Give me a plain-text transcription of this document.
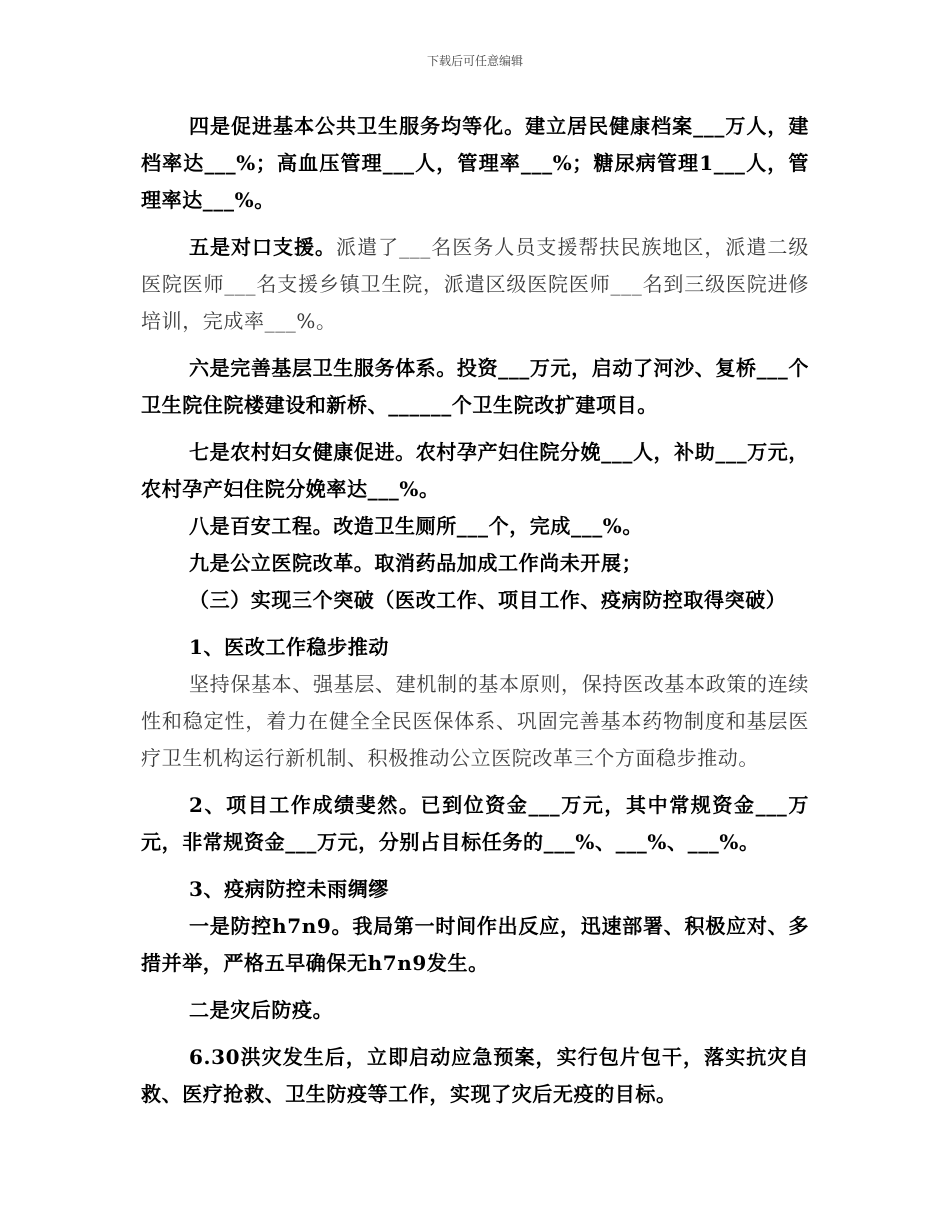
下载后可任意编辑

四是促进基本公共卫生服务均等化。建立居民健康档案___万人，建档率达___%；高血压管理___人，管理率___%；糖尿病管理1___人，管理率达___%。

五是对口支援。派遣了___名医务人员支援帮扶民族地区，派遣二级医院医师___名支援乡镇卫生院，派遣区级医院医师___名到三级医院进修培训，完成率___%。

六是完善基层卫生服务体系。投资___万元，启动了河沙、复桥___个卫生院住院楼建设和新桥、______个卫生院改扩建项目。

七是农村妇女健康促进。农村孕产妇住院分娩___人，补助___万元，农村孕产妇住院分娩率达___%。

八是百安工程。改造卫生厕所___个，完成___%。

九是公立医院改革。取消药品加成工作尚未开展；

（三）实现三个突破（医改工作、项目工作、疫病防控取得突破）

1、医改工作稳步推动

坚持保基本、强基层、建机制的基本原则，保持医改基本政策的连续性和稳定性，着力在健全全民医保体系、巩固完善基本药物制度和基层医疗卫生机构运行新机制、积极推动公立医院改革三个方面稳步推动。

2、项目工作成绩斐然。已到位资金___万元，其中常规资金___万元，非常规资金___万元，分别占目标任务的___%、___%、___%。

3、疫病防控未雨绸缪

一是防控h7n9。我局第一时间作出反应，迅速部署、积极应对、多措并举，严格五早确保无h7n9发生。

二是灾后防疫。

6.30洪灾发生后，立即启动应急预案，实行包片包干，落实抗灾自救、医疗抢救、卫生防疫等工作，实现了灾后无疫的目标。
